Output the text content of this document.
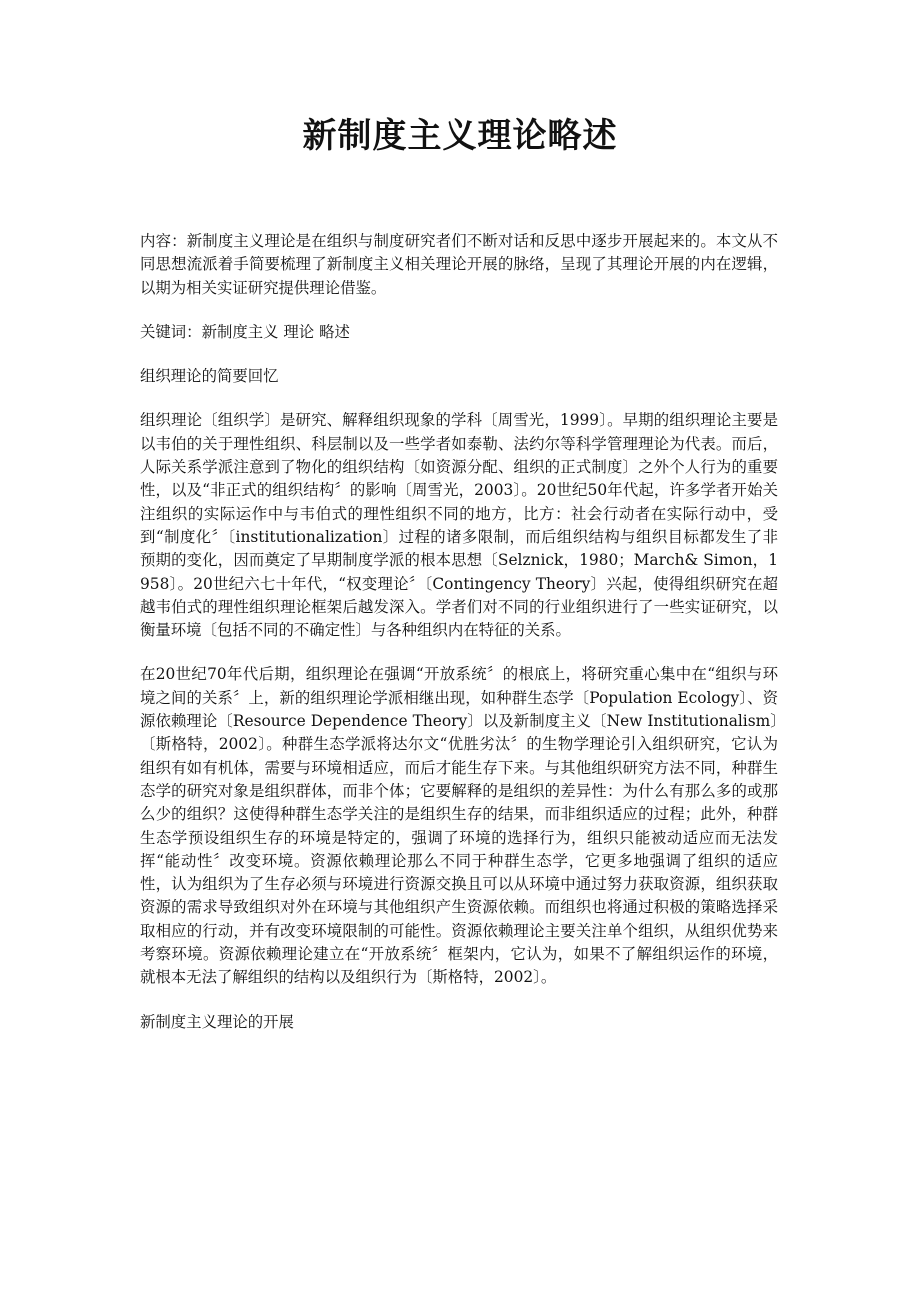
新制度主义理论略述

内容：新制度主义理论是在组织与制度研究者们不断对话和反思中逐步开展起来的。本文从不同思想流派着手简要梳理了新制度主义相关理论开展的脉络，呈现了其理论开展的内在逻辑，以期为相关实证研究提供理论借鉴。

关键词：新制度主义 理论 略述

组织理论的简要回忆

组织理论〔组织学〕是研究、解释组织现象的学科〔周雪光，1999〕。早期的组织理论主要是以韦伯的关于理性组织、科层制以及一些学者如泰勒、法约尔等科学管理理论为代表。而后，人际关系学派注意到了物化的组织结构〔如资源分配、组织的正式制度〕之外个人行为的重要性，以及“非正式的组织结构〞的影响〔周雪光，2003〕。20世纪50年代起，许多学者开始关注组织的实际运作中与韦伯式的理性组织不同的地方，比方：社会行动者在实际行动中，受到“制度化〞〔institutionalization〕过程的诸多限制，而后组织结构与组织目标都发生了非预期的变化，因而奠定了早期制度学派的根本思想〔Selznick，1980；March& Simon，1958〕。20世纪六七十年代，“权变理论〞〔Contingency Theory〕兴起，使得组织研究在超越韦伯式的理性组织理论框架后越发深入。学者们对不同的行业组织进行了一些实证研究，以衡量环境〔包括不同的不确定性〕与各种组织内在特征的关系。

在20世纪70年代后期，组织理论在强调“开放系统〞的根底上，将研究重心集中在“组织与环境之间的关系〞上，新的组织理论学派相继出现，如种群生态学〔Population Ecology〕、资源依赖理论〔Resource Dependence Theory〕以及新制度主义〔New Institutionalism〕〔斯格特，2002〕。种群生态学派将达尔文“优胜劣汰〞的生物学理论引入组织研究，它认为组织有如有机体，需要与环境相适应，而后才能生存下来。与其他组织研究方法不同，种群生态学的研究对象是组织群体，而非个体；它要解释的是组织的差异性：为什么有那么多的或那么少的组织？这使得种群生态学关注的是组织生存的结果，而非组织适应的过程；此外，种群生态学预设组织生存的环境是特定的，强调了环境的选择行为，组织只能被动适应而无法发挥“能动性〞改变环境。资源依赖理论那么不同于种群生态学，它更多地强调了组织的适应性，认为组织为了生存必须与环境进行资源交换且可以从环境中通过努力获取资源，组织获取资源的需求导致组织对外在环境与其他组织产生资源依赖。而组织也将通过积极的策略选择采取相应的行动，并有改变环境限制的可能性。资源依赖理论主要关注单个组织，从组织优势来考察环境。资源依赖理论建立在“开放系统〞框架内，它认为，如果不了解组织运作的环境，就根本无法了解组织的结构以及组织行为〔斯格特，2002〕。

新制度主义理论的开展
